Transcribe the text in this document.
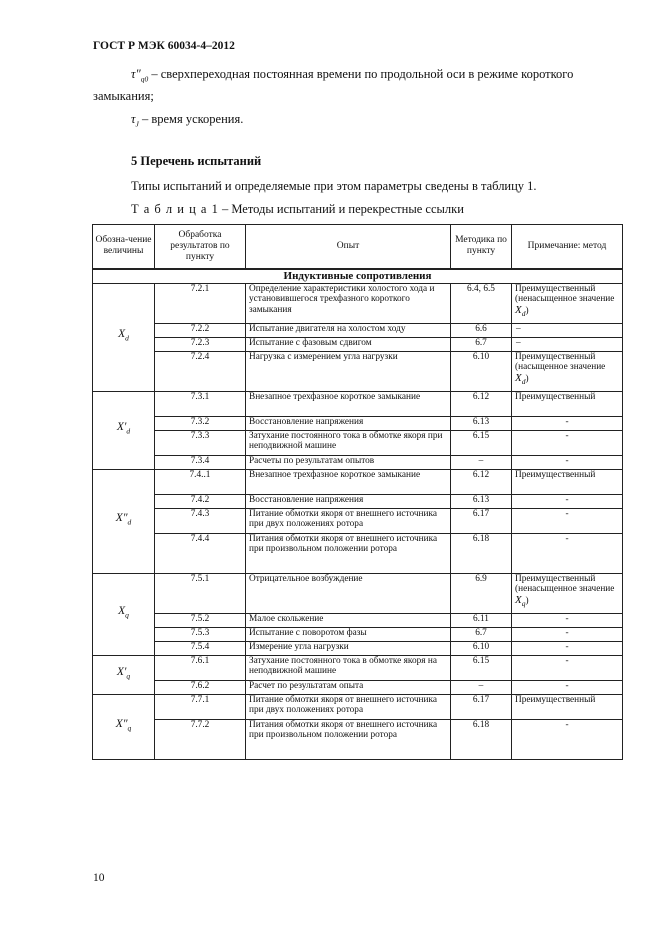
ГОСТ Р МЭК 60034-4–2012
$\tau''_{q0}$ – сверхпереходная постоянная времени по продольной оси в режиме короткого
замыкания;
$\tau_J$ – время ускорения.
5 Перечень испытаний
Типы испытаний и определяемые при этом параметры сведены в таблицу 1.
Т а б л и ц а 1 – Методы испытаний и перекрестные ссылки
Обозна-чение величины	Обработка результатов по пункту	Опыт	Методика по пункту	Примечание: метод
Индуктивные сопротивления				
$X_d$	7.2.1	Определение характеристики холостого хода и установившегося трехфазного короткого замыкания	6.4, 6.5	Преимущественный (ненасыщенное значение $X_d$)
	7.2.2	Испытание двигателя на холостом ходу	6.6	–
	7.2.3	Испытание с фазовым сдвигом	6.7	–
	7.2.4	Нагрузка с измерением угла нагрузки	6.10	Преимущественный (насыщенное значение $X_d$)
$X'_d$	7.3.1	Внезапное трехфазное короткое замыкание	6.12	Преимущественный
	7.3.2	Восстановление напряжения	6.13	-
	7.3.3	Затухание постоянного тока в обмотке якоря при неподвижной машине	6.15	-
	7.3.4	Расчеты по результатам опытов	–	-
$X''_d$	7.4..1	Внезапное трехфазное короткое замыкание	6.12	Преимущественный
	7.4.2	Восстановление напряжения	6.13	-
	7.4.3	Питание обмотки якоря от внешнего источника при двух положениях ротора	6.17	-
	7.4.4	Питания обмотки якоря от внешнего источника при произвольном положении ротора	6.18	-
$X_q$	7.5.1	Отрицательное возбуждение	6.9	Преимущественный (ненасыщенное значение $X_q$)
	7.5.2	Малое скольжение	6.11	-
	7.5.3	Испытание с поворотом фазы	6.7	-
	7.5.4	Измерение угла нагрузки	6.10	-
$X'_q$	7.6.1	Затухание постоянного тока в обмотке якоря на неподвижной машине	6.15	-
	7.6.2	Расчет по результатам опыта	–	-
$X''_q$	7.7.1	Питание обмотки якоря от внешнего источника при двух положениях ротора	6.17	Преимущественный
	7.7.2	Питания обмотки якоря от внешнего источника при произвольном положении ротора	6.18	-
10
